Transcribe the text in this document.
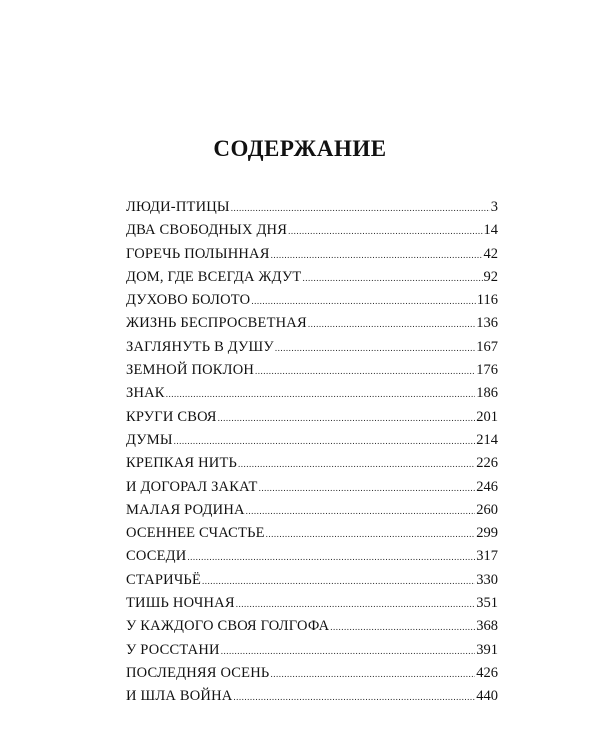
СОДЕРЖАНИЕ
ЛЮДИ-ПТИЦЫ .....	3
ДВА СВОБОДНЫХ ДНЯ .....	14
ГОРЕЧЬ ПОЛЫННАЯ .....	42
ДОМ, ГДЕ ВСЕГДА ЖДУТ .....	92
ДУХОВО БОЛОТО .....	116
ЖИЗНЬ БЕСПРОСВЕТНАЯ .....	136
ЗАГЛЯНУТЬ В ДУШУ .....	167
ЗЕМНОЙ ПОКЛОН .....	176
ЗНАК .....	186
КРУГИ СВОЯ .....	201
ДУМЫ .....	214
КРЕПКАЯ НИТЬ .....	226
И ДОГОРАЛ ЗАКАТ .....	246
МАЛАЯ РОДИНА .....	260
ОСЕННЕЕ СЧАСТЬЕ .....	299
СОСЕДИ .....	317
СТАРИЧЬЁ .....	330
ТИШЬ НОЧНАЯ .....	351
У КАЖДОГО СВОЯ ГОЛГОФА .....	368
У РОССТАНИ .....	391
ПОСЛЕДНЯЯ ОСЕНЬ .....	426
И ШЛА ВОЙНА .....	440
